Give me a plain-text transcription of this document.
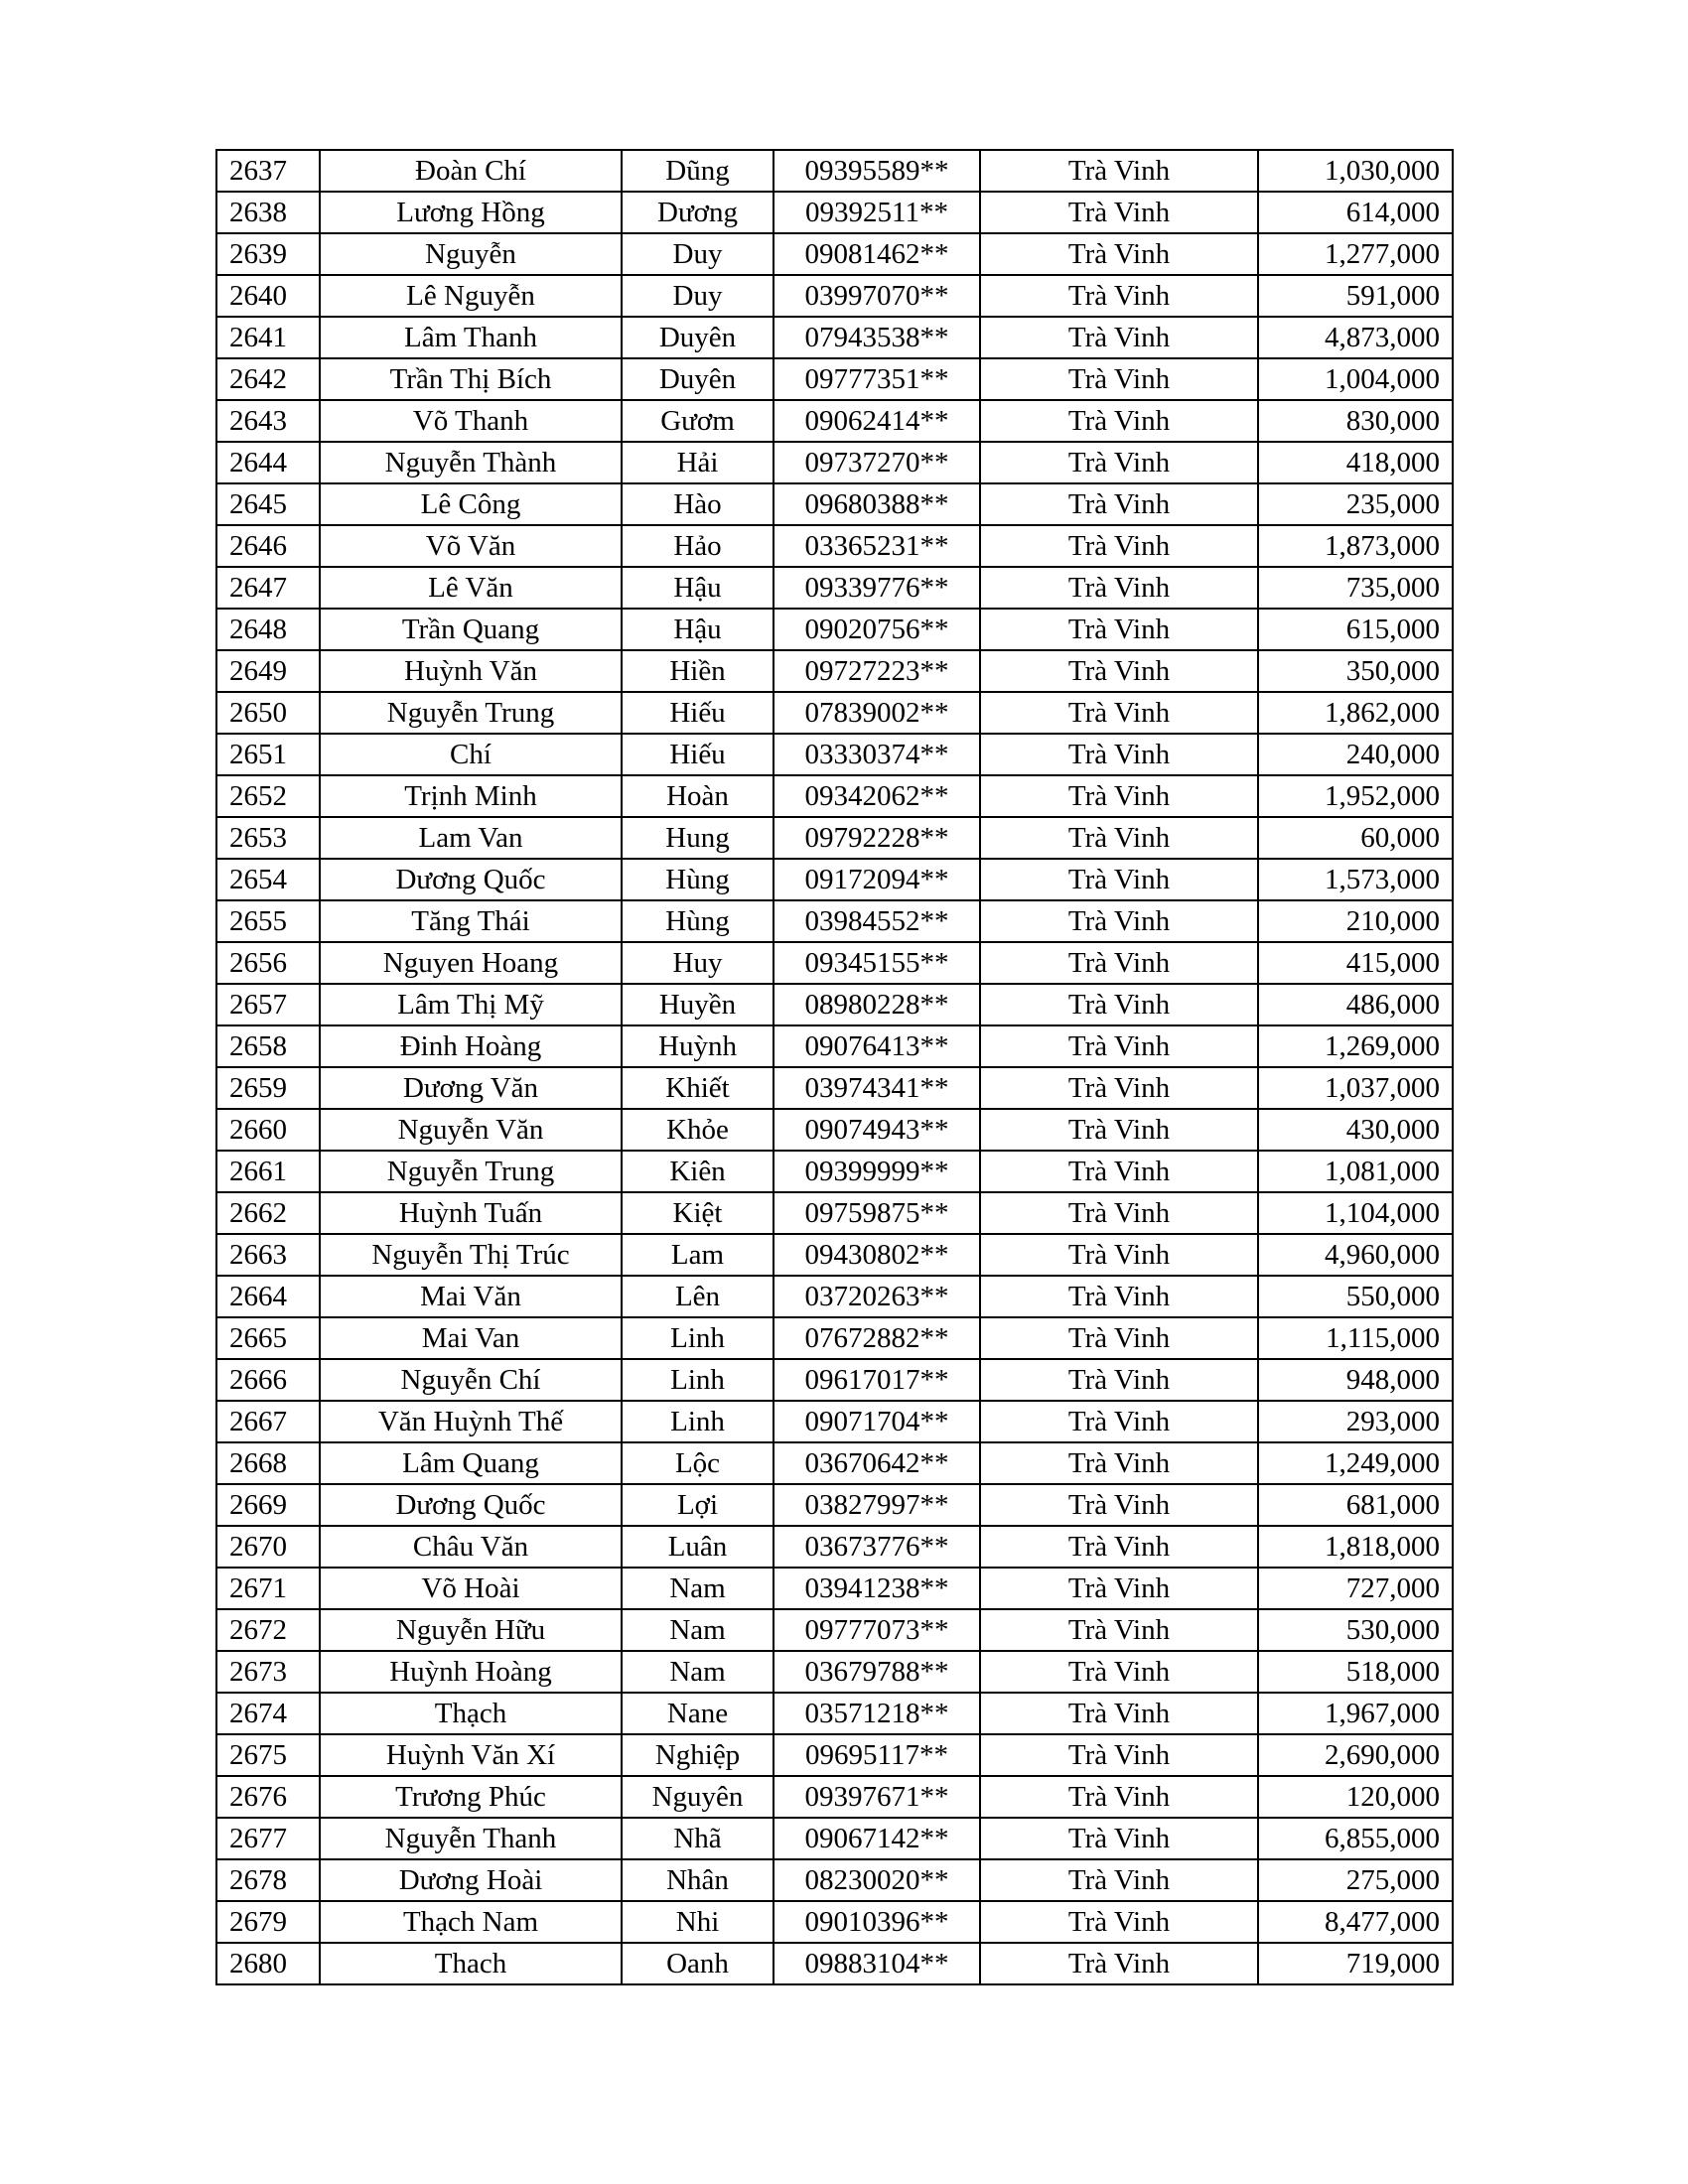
2637	Đoàn Chí	Dũng	09395589**	Trà Vinh	1,030,000
2638	Lương Hồng	Dương	09392511**	Trà Vinh	614,000
2639	Nguyễn	Duy	09081462**	Trà Vinh	1,277,000
2640	Lê Nguyễn	Duy	03997070**	Trà Vinh	591,000
2641	Lâm Thanh	Duyên	07943538**	Trà Vinh	4,873,000
2642	Trần Thị Bích	Duyên	09777351**	Trà Vinh	1,004,000
2643	Võ Thanh	Gươm	09062414**	Trà Vinh	830,000
2644	Nguyễn Thành	Hải	09737270**	Trà Vinh	418,000
2645	Lê Công	Hào	09680388**	Trà Vinh	235,000
2646	Võ Văn	Hảo	03365231**	Trà Vinh	1,873,000
2647	Lê Văn	Hậu	09339776**	Trà Vinh	735,000
2648	Trần Quang	Hậu	09020756**	Trà Vinh	615,000
2649	Huỳnh Văn	Hiền	09727223**	Trà Vinh	350,000
2650	Nguyễn Trung	Hiếu	07839002**	Trà Vinh	1,862,000
2651	Chí	Hiếu	03330374**	Trà Vinh	240,000
2652	Trịnh Minh	Hoàn	09342062**	Trà Vinh	1,952,000
2653	Lam Van	Hung	09792228**	Trà Vinh	60,000
2654	Dương Quốc	Hùng	09172094**	Trà Vinh	1,573,000
2655	Tăng Thái	Hùng	03984552**	Trà Vinh	210,000
2656	Nguyen Hoang	Huy	09345155**	Trà Vinh	415,000
2657	Lâm Thị Mỹ	Huyền	08980228**	Trà Vinh	486,000
2658	Đinh Hoàng	Huỳnh	09076413**	Trà Vinh	1,269,000
2659	Dương Văn	Khiết	03974341**	Trà Vinh	1,037,000
2660	Nguyễn Văn	Khỏe	09074943**	Trà Vinh	430,000
2661	Nguyễn Trung	Kiên	09399999**	Trà Vinh	1,081,000
2662	Huỳnh Tuấn	Kiệt	09759875**	Trà Vinh	1,104,000
2663	Nguyễn Thị Trúc	Lam	09430802**	Trà Vinh	4,960,000
2664	Mai Văn	Lên	03720263**	Trà Vinh	550,000
2665	Mai Van	Linh	07672882**	Trà Vinh	1,115,000
2666	Nguyễn Chí	Linh	09617017**	Trà Vinh	948,000
2667	Văn Huỳnh Thế	Linh	09071704**	Trà Vinh	293,000
2668	Lâm Quang	Lộc	03670642**	Trà Vinh	1,249,000
2669	Dương Quốc	Lợi	03827997**	Trà Vinh	681,000
2670	Châu Văn	Luân	03673776**	Trà Vinh	1,818,000
2671	Võ Hoài	Nam	03941238**	Trà Vinh	727,000
2672	Nguyễn Hữu	Nam	09777073**	Trà Vinh	530,000
2673	Huỳnh Hoàng	Nam	03679788**	Trà Vinh	518,000
2674	Thạch	Nane	03571218**	Trà Vinh	1,967,000
2675	Huỳnh Văn Xí	Nghiệp	09695117**	Trà Vinh	2,690,000
2676	Trương Phúc	Nguyên	09397671**	Trà Vinh	120,000
2677	Nguyễn Thanh	Nhã	09067142**	Trà Vinh	6,855,000
2678	Dương Hoài	Nhân	08230020**	Trà Vinh	275,000
2679	Thạch Nam	Nhi	09010396**	Trà Vinh	8,477,000
2680	Thach	Oanh	09883104**	Trà Vinh	719,000
